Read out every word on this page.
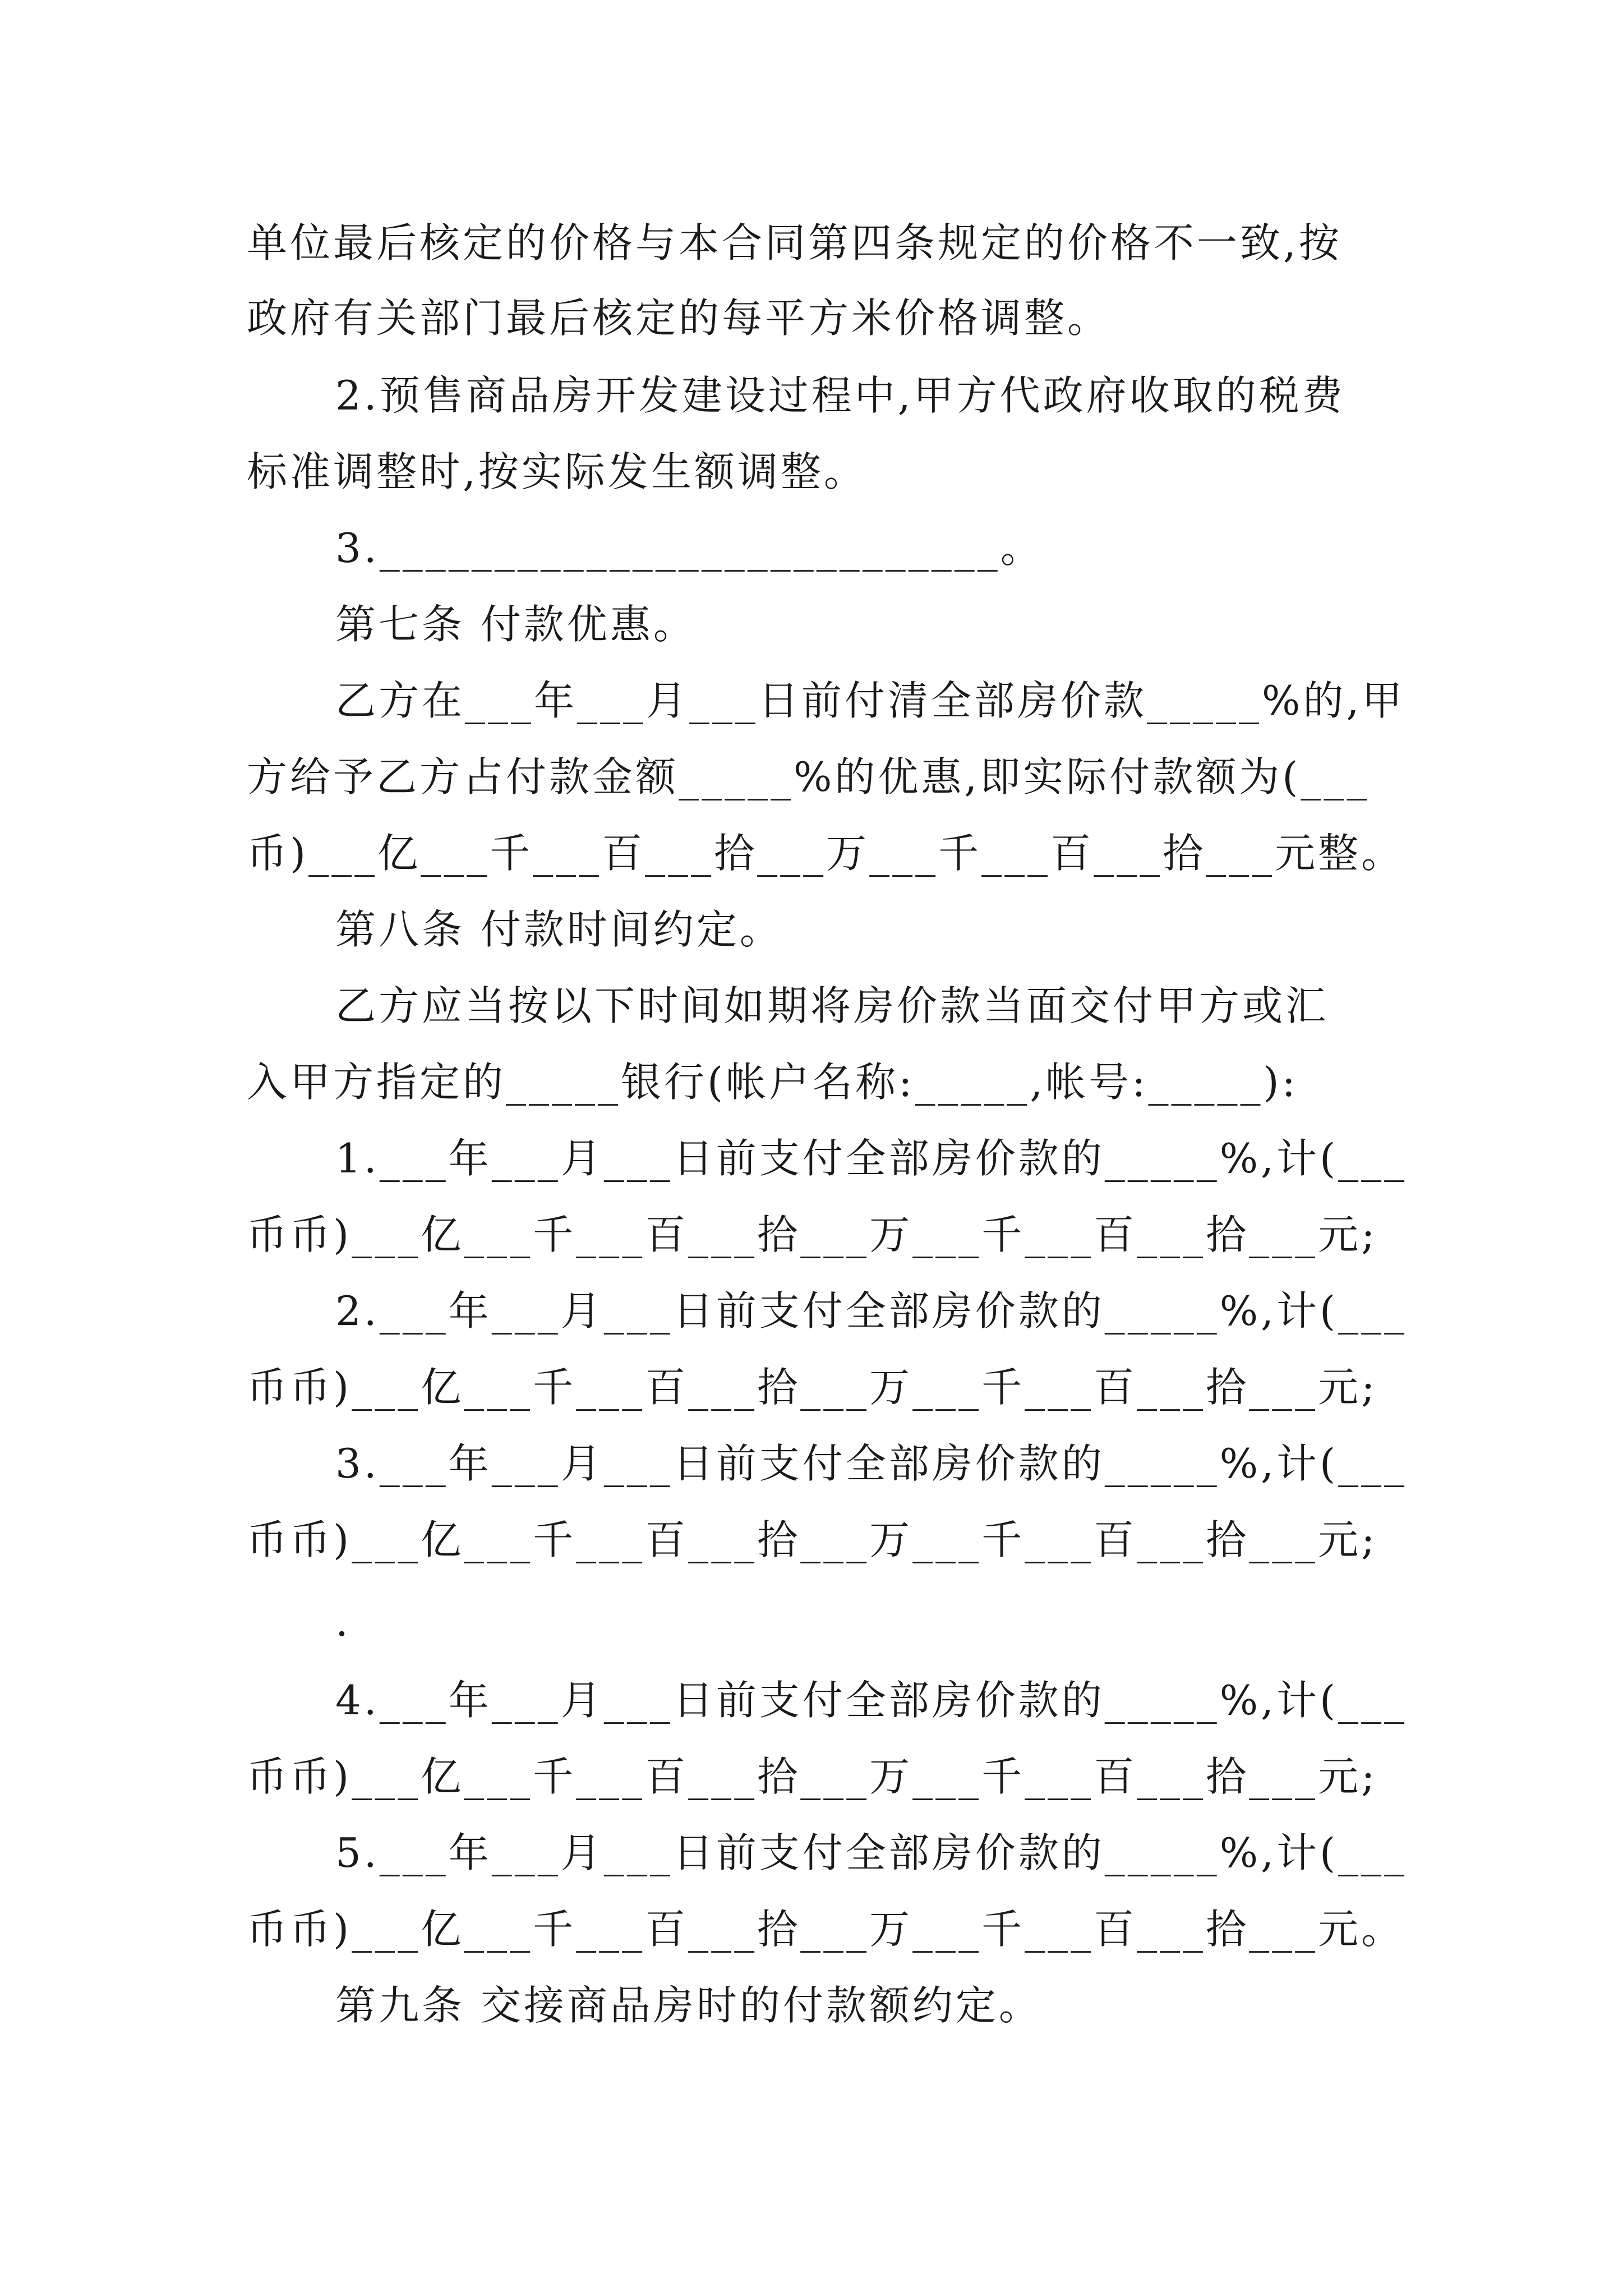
单位最后核定的价格与本合同第四条规定的价格不一致,按
政府有关部门最后核定的每平方米价格调整。
2.预售商品房开发建设过程中,甲方代政府收取的税费
标准调整时,按实际发生额调整。
3.___________________________。
第七条 付款优惠。
乙方在___年___月___日前付清全部房价款_____%的,甲
方给予乙方占付款金额_____%的优惠,即实际付款额为(___
币)___亿___千___百___拾___万___千___百___拾___元整。
第八条 付款时间约定。
乙方应当按以下时间如期将房价款当面交付甲方或汇
入甲方指定的_____银行(帐户名称:_____,帐号:_____):
1.___年___月___日前支付全部房价款的_____%,计(___
币币)___亿___千___百___拾___万___千___百___拾___元;
2.___年___月___日前支付全部房价款的_____%,计(___
币币)___亿___千___百___拾___万___千___百___拾___元;
3.___年___月___日前支付全部房价款的_____%,计(___
币币)___亿___千___百___拾___万___千___百___拾___元;
.
4.___年___月___日前支付全部房价款的_____%,计(___
币币)___亿___千___百___拾___万___千___百___拾___元;
5.___年___月___日前支付全部房价款的_____%,计(___
币币)___亿___千___百___拾___万___千___百___拾___元。
第九条 交接商品房时的付款额约定。
